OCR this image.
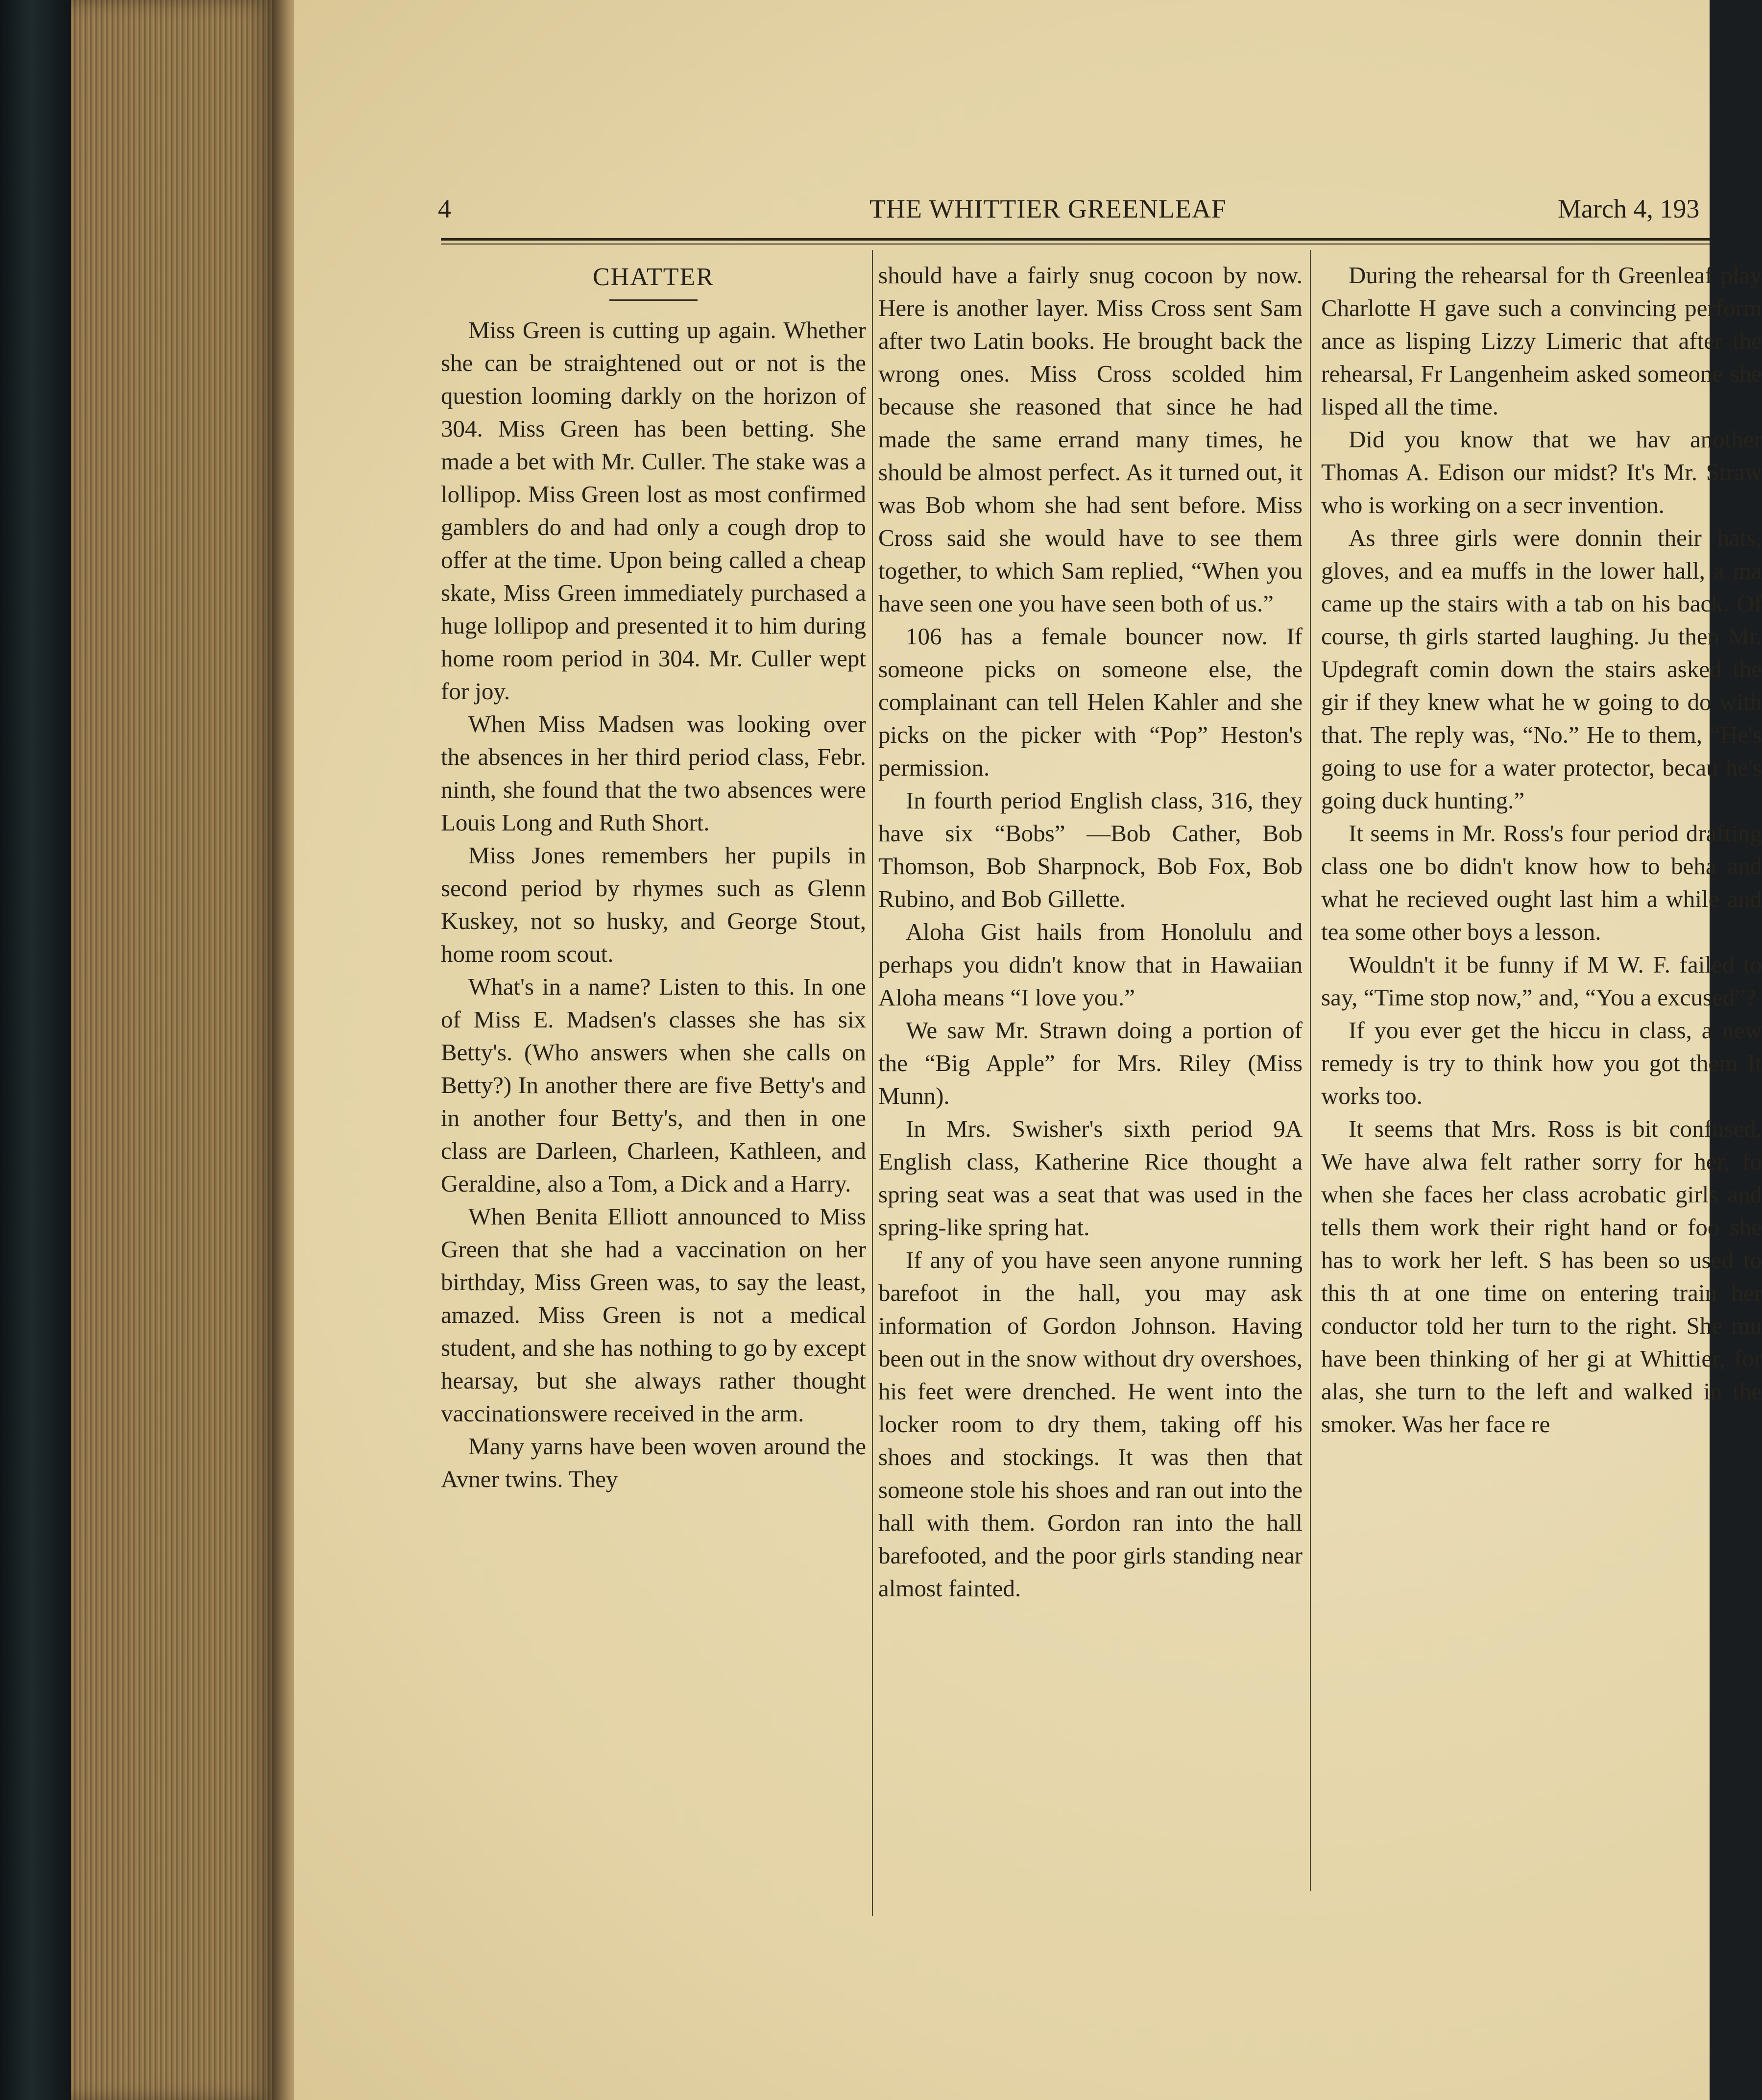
4	THE WHITTIER GREENLEAF	March 4, 193

CHATTER

Miss Green is cutting up again. Whether she can be straightened out or not is the question looming darkly on the horizon of 304. Miss Green has been betting. She made a bet with Mr. Culler. The stake was a lollipop. Miss Green lost as most confirmed gamblers do and had only a cough drop to offer at the time. Upon being called a cheap skate, Miss Green immediately purchased a huge lollipop and presented it to him during home room period in 304. Mr. Culler wept for joy.

When Miss Madsen was looking over the absences in her third period class, Febr. ninth, she found that the two absences were Louis Long and Ruth Short.

Miss Jones remembers her pupils in second period by rhymes such as Glenn Kuskey, not so husky, and George Stout, home room scout.

What's in a name? Listen to this. In one of Miss E. Madsen's classes she has six Betty's. (Who answers when she calls on Betty?) In another there are five Betty's and in another four Betty's, and then in one class are Darleen, Charleen, Kathleen, and Geraldine, also a Tom, a Dick and a Harry.

When Benita Elliott announced to Miss Green that she had a vaccination on her birthday, Miss Green was, to say the least, amazed. Miss Green is not a medical student, and she has nothing to go by except hearsay, but she always rather thought vaccinationswere received in the arm.

Many yarns have been woven around the Avner twins. They

should have a fairly snug cocoon by now. Here is another layer. Miss Cross sent Sam after two Latin books. He brought back the wrong ones. Miss Cross scolded him because she reasoned that since he had made the same errand many times, he should be almost perfect. As it turned out, it was Bob whom she had sent before. Miss Cross said she would have to see them together, to which Sam replied, “When you have seen one you have seen both of us.”

106 has a female bouncer now. If someone picks on someone else, the complainant can tell Helen Kahler and she picks on the picker with “Pop” Heston's permission.

In fourth period English class, 316, they have six “Bobs” —Bob Cather, Bob Thomson, Bob Sharpnock, Bob Fox, Bob Rubino, and Bob Gillette.

Aloha Gist hails from Honolulu and perhaps you didn't know that in Hawaiian Aloha means “I love you.”

We saw Mr. Strawn doing a portion of the “Big Apple” for Mrs. Riley (Miss Munn).

In Mrs. Swisher's sixth period 9A English class, Katherine Rice thought a spring seat was a seat that was used in the spring-like spring hat.

If any of you have seen anyone running barefoot in the hall, you may ask information of Gordon Johnson. Having been out in the snow without dry overshoes, his feet were drenched. He went into the locker room to dry them, taking off his shoes and stockings. It was then that someone stole his shoes and ran out into the hall with them. Gordon ran into the hall barefooted, and the poor girls standing near almost fainted.

During the rehearsal for th Greenleaf play Charlotte H gave such a convincing perform ance as lisping Lizzy Limeric that after the rehearsal, Fr Langenheim asked someone she lisped all the time.

Did you know that we hav another Thomas A. Edison our midst? It's Mr. Straw who is working on a secr invention.

As three girls were donnin their hats, gloves, and ea muffs in the lower hall, a ma came up the stairs with a tab on his back. Of course, th girls started laughing. Ju then Mr. Updegraft comin down the stairs asked the gir if they knew what he w going to do with that. The reply was, “No.” He to them, “He's going to use for a water protector, becau he's going duck hunting.”

It seems in Mr. Ross's four period drafting class one bo didn't know how to beha and what he recieved ought last him a while and tea some other boys a lesson.

Wouldn't it be funny if M W. F. failed to say, “Time stop now,” and, “You a excused”?

If you ever get the hiccu in class, a new remedy is try to think how you got them It works too.

It seems that Mrs. Ross is bit confused. We have alwa felt rather sorry for her, fo when she faces her class acrobatic girls and tells them work their right hand or foo she has to work her left. S has been so used to this th at one time on entering train her conductor told her turn to the right. She mu have been thinking of her gi at Whittier, for alas, she turn to the left and walked in the smoker. Was her face re
